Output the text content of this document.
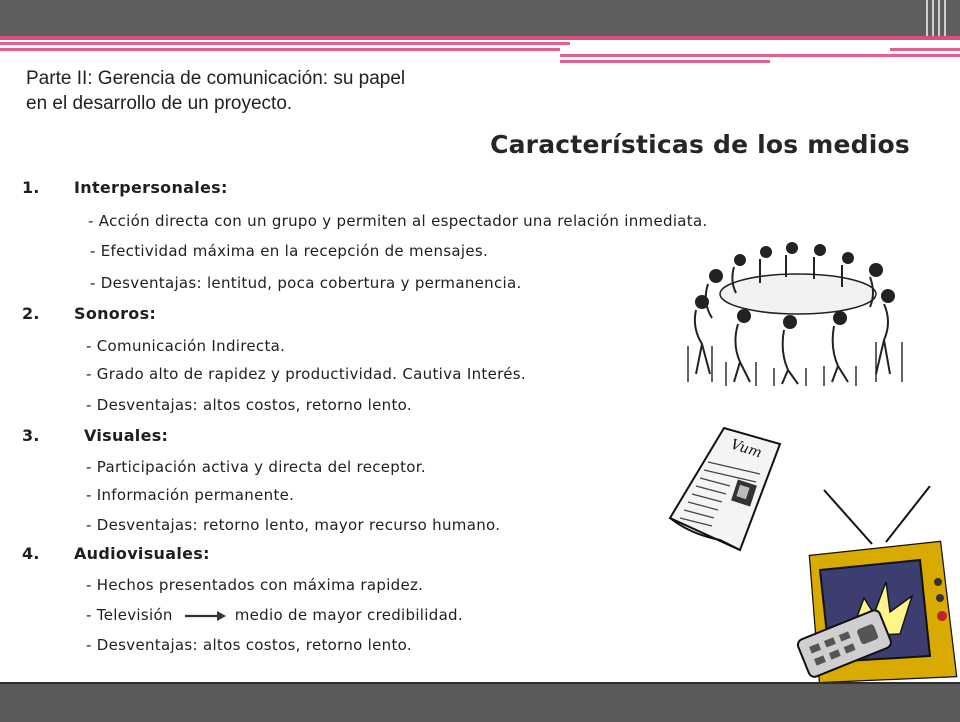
Parte II: Gerencia de comunicación: su papel
en el desarrollo de un proyecto.
Características de los medios
1. Interpersonales:
- Acción directa con un grupo y permiten al espectador una relación inmediata.
- Efectividad máxima en la recepción de mensajes.
- Desventajas: lentitud, poca cobertura y permanencia.
2. Sonoros:
- Comunicación Indirecta.
- Grado alto de rapidez y productividad. Cautiva Interés.
- Desventajas: altos costos, retorno lento.
3.	Visuales:
- Participación activa y directa del receptor.
- Información permanente.
- Desventajas: retorno lento, mayor recurso humano.
4. Audiovisuales:
- Hechos presentados con máxima rapidez.
- Televisión	medio de mayor credibilidad.
- Desventajas: altos costos, retorno lento.
Vum
